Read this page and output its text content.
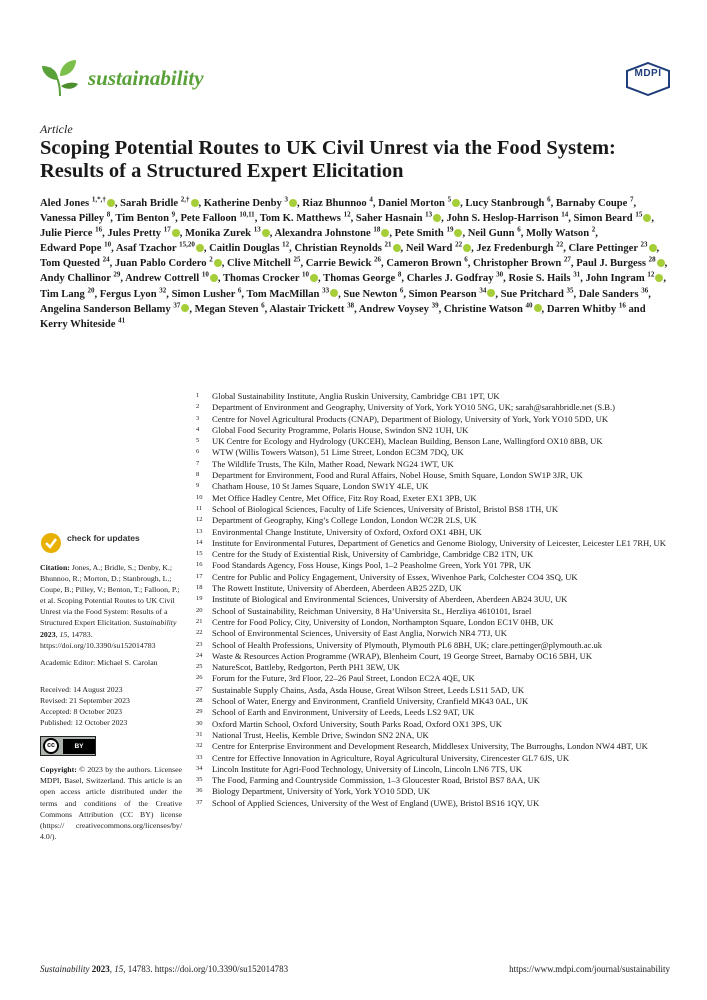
sustainability	MDPI
Article
Scoping Potential Routes to UK Civil Unrest via the Food System: Results of a Structured Expert Elicitation
Aled Jones $^{1,*,\dagger}$ , Sarah Bridle $^{2,\dagger}$ , Katherine Denby $^3$ , Riaz Bhunnoo $^4$, Daniel Morton $^5$ , Lucy Stanbrough $^6$, Barnaby Coupe $^7$, Vanessa Pilley $^8$, Tim Benton $^9$, Pete Falloon $^{10,11}$, Tom K. Matthews $^{12}$, Saher Hasnain $^{13}$ , John S. Heslop-Harrison $^{14}$, Simon Beard $^{15}$ , Julie Pierce $^{16}$, Jules Pretty $^{17}$ , Monika Zurek $^{13}$ , Alexandra Johnstone $^{18}$ , Pete Smith $^{19}$ , Neil Gunn $^6$, Molly Watson $^2$, Edward Pope $^{10}$, Asaf Tzachor $^{15,20}$ , Caitlin Douglas $^{12}$, Christian Reynolds $^{21}$ , Neil Ward $^{22}$ , Jez Fredenburgh $^{22}$, Clare Pettinger $^{23}$ , Tom Quested $^{24}$, Juan Pablo Cordero $^2$ , Clive Mitchell $^{25}$, Carrie Bewick $^{26}$, Cameron Brown $^6$, Christopher Brown $^{27}$, Paul J. Burgess $^{28}$ , Andy Challinor $^{29}$, Andrew Cottrell $^{10}$ , Thomas Crocker $^{10}$ , Thomas George $^8$, Charles J. Godfray $^{30}$, Rosie S. Hails $^{31}$, John Ingram $^{12}$ , Tim Lang $^{20}$, Fergus Lyon $^{32}$, Simon Lusher $^6$, Tom MacMillan $^{33}$ , Sue Newton $^6$, Simon Pearson $^{34}$ , Sue Pritchard $^{35}$, Dale Sanders $^{36}$, Angelina Sanderson Bellamy $^{37}$ , Megan Steven $^6$, Alastair Trickett $^{38}$, Andrew Voysey $^{39}$, Christine Watson $^{40}$ , Darren Whitby $^{16}$ and Kerry Whiteside $^{41}$
1 Global Sustainability Institute, Anglia Ruskin University, Cambridge CB1 1PT, UK
2 Department of Environment and Geography, University of York, York YO10 5NG, UK; sarah@sarahbridle.net (S.B.)
3 Centre for Novel Agricultural Products (CNAP), Department of Biology, University of York, York YO10 5DD, UK
4 Global Food Security Programme, Polaris House, Swindon SN2 1UH, UK
5 UK Centre for Ecology and Hydrology (UKCEH), Maclean Building, Benson Lane, Wallingford OX10 8BB, UK
6 WTW (Willis Towers Watson), 51 Lime Street, London EC3M 7DQ, UK
7 The Wildlife Trusts, The Kiln, Mather Road, Newark NG24 1WT, UK
8 Department for Environment, Food and Rural Affairs, Nobel House, Smith Square, London SW1P 3JR, UK
9 Chatham House, 10 St James Square, London SW1Y 4LE, UK
10 Met Office Hadley Centre, Met Office, Fitz Roy Road, Exeter EX1 3PB, UK
11 School of Biological Sciences, Faculty of Life Sciences, University of Bristol, Bristol BS8 1TH, UK
12 Department of Geography, King’s College London, London WC2R 2LS, UK
13 Environmental Change Institute, University of Oxford, Oxford OX1 4BH, UK
14 Institute for Environmental Futures, Department of Genetics and Genome Biology, University of Leicester, Leicester LE1 7RH, UK
15 Centre for the Study of Existential Risk, University of Cambridge, Cambridge CB2 1TN, UK
16 Food Standards Agency, Foss House, Kings Pool, 1–2 Peasholme Green, York Y01 7PR, UK
17 Centre for Public and Policy Engagement, University of Essex, Wivenhoe Park, Colchester CO4 3SQ, UK
18 The Rowett Institute, University of Aberdeen, Aberdeen AB25 2ZD, UK
19 Institute of Biological and Environmental Sciences, University of Aberdeen, Aberdeen AB24 3UU, UK
20 School of Sustainability, Reichman University, 8 Ha’Universita St., Herzliya 4610101, Israel
21 Centre for Food Policy, City, University of London, Northampton Square, London EC1V 0HB, UK
22 School of Environmental Sciences, University of East Anglia, Norwich NR4 7TJ, UK
23 School of Health Professions, University of Plymouth, Plymouth PL6 8BH, UK; clare.pettinger@plymouth.ac.uk
24 Waste & Resources Action Programme (WRAP), Blenheim Court, 19 George Street, Barnaby OC16 5BH, UK
25 NatureScot, Battleby, Redgorton, Perth PH1 3EW, UK
26 Forum for the Future, 3rd Floor, 22–26 Paul Street, London EC2A 4QE, UK
27 Sustainable Supply Chains, Asda, Asda House, Great Wilson Street, Leeds LS11 5AD, UK
28 School of Water, Energy and Environment, Cranfield University, Cranfield MK43 0AL, UK
29 School of Earth and Environment, University of Leeds, Leeds LS2 9AT, UK
30 Oxford Martin School, Oxford University, South Parks Road, Oxford OX1 3PS, UK
31 National Trust, Heelis, Kemble Drive, Swindon SN2 2NA, UK
32 Centre for Enterprise Environment and Development Research, Middlesex University, The Burroughs, London NW4 4BT, UK
33 Centre for Effective Innovation in Agriculture, Royal Agricultural University, Cirencester GL7 6JS, UK
34 Lincoln Institute for Agri-Food Technology, University of Lincoln, Lincoln LN6 7TS, UK
35 The Food, Farming and Countryside Commission, 1–3 Gloucester Road, Bristol BS7 8AA, UK
36 Biology Department, University of York, York YO10 5DD, UK
37 School of Applied Sciences, University of the West of England (UWE), Bristol BS16 1QY, UK
check for updates
Citation: Jones, A.; Bridle, S.; Denby, K.; Bhunnoo, R.; Morton, D.; Stanbrough, L.; Coupe, B.; Pilley, V.; Benton, T.; Falloon, P.; et al. Scoping Potential Routes to UK Civil Unrest via the Food System: Results of a Structured Expert Elicitation. Sustainability 2023, 15, 14783.
https://doi.org/10.3390/su152014783
Academic Editor: Michael S. Carolan
Received: 14 August 2023
Revised: 21 September 2023
Accepted: 8 October 2023
Published: 12 October 2023
cc	BY
Copyright: © 2023 by the authors. Licensee MDPI, Basel, Switzerland. This article is an open access article distributed under the terms and conditions of the Creative Commons Attribution (CC BY) license (https:// creativecommons.org/licenses/by/ 4.0/).
Sustainability 2023, 15, 14783. https://doi.org/10.3390/su152014783	https://www.mdpi.com/journal/sustainability
